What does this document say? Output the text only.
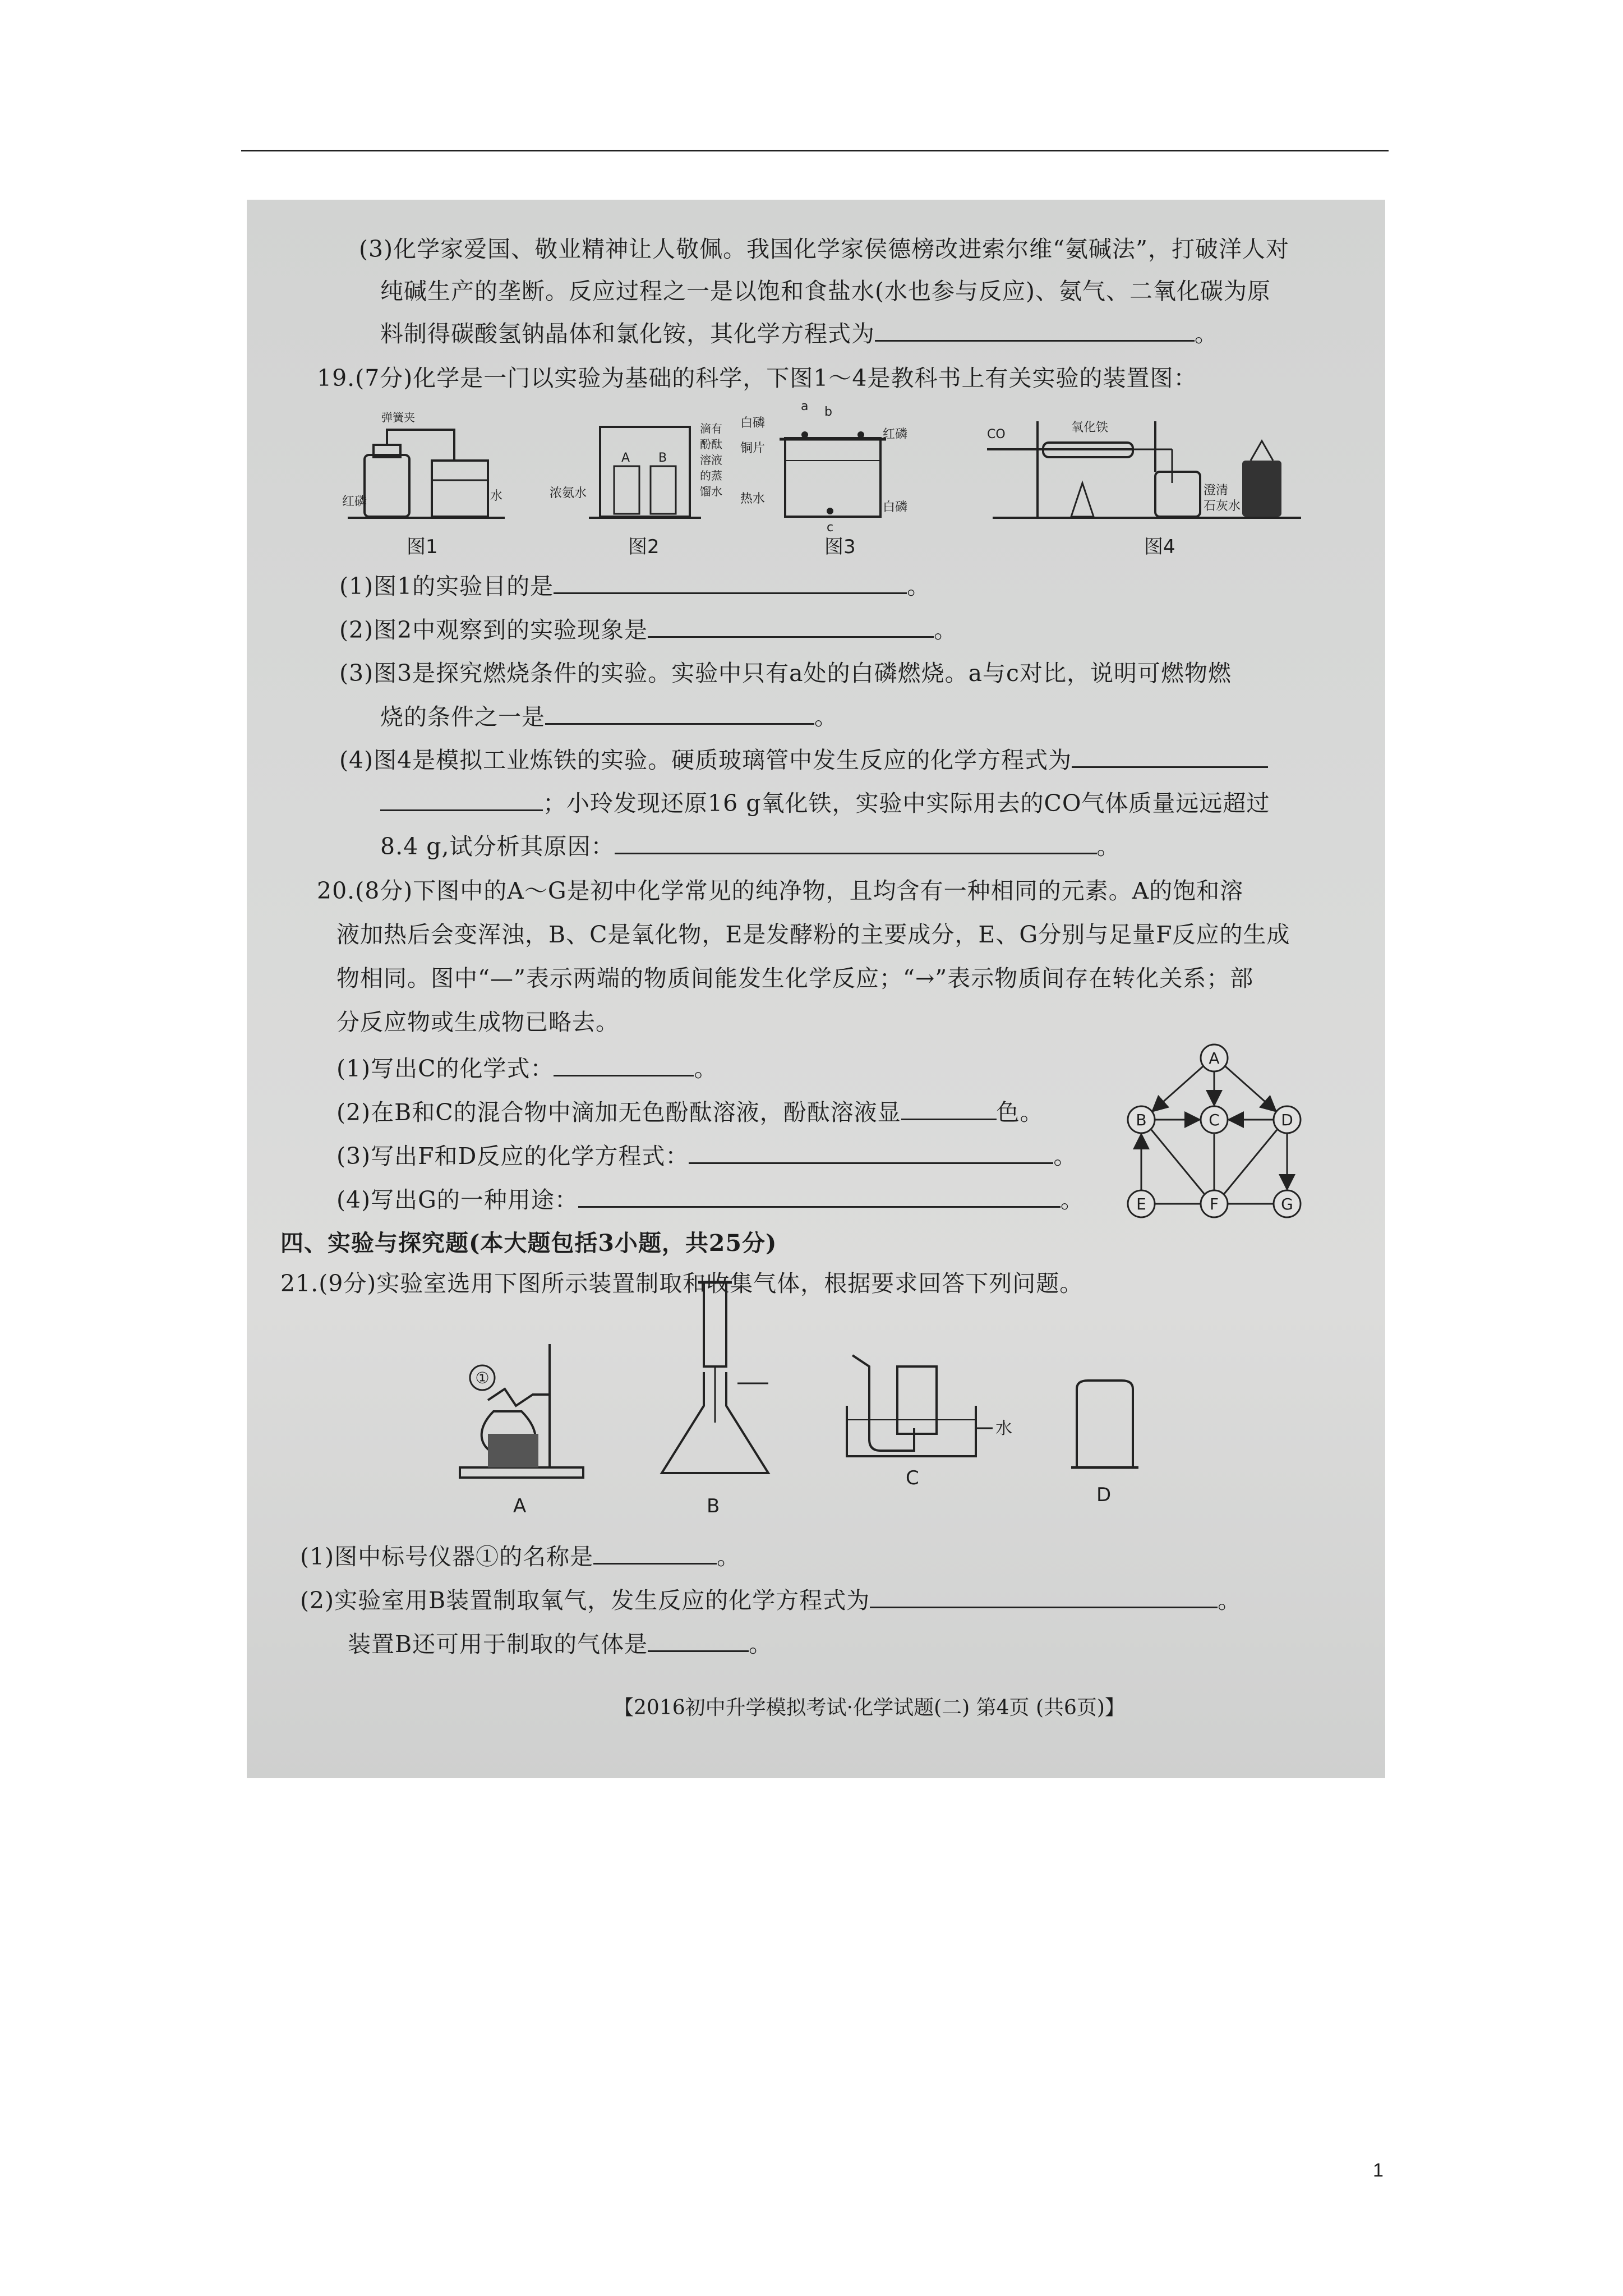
(3)化学家爱国、敬业精神让人敬佩。我国化学家侯德榜改进索尔维“氨碱法”，打破洋人对
纯碱生产的垄断。反应过程之一是以饱和食盐水(水也参与反应)、氨气、二氧化碳为原
料制得碳酸氢钠晶体和氯化铵，其化学方程式为	。
19.(7分)化学是一门以实验为基础的科学，下图1～4是教科书上有关实验的装置图：
弹簧夹
红磷	水
图1
A B
浓氨水
滴有
酚酞
溶液
的蒸
馏水
图2
a b
白磷
铜片
红磷
热水
白磷
c
图3
CO	氧化铁
澄清
石灰水
图4
(1)图1的实验目的是	。
(2)图2中观察到的实验现象是	。
(3)图3是探究燃烧条件的实验。实验中只有a处的白磷燃烧。a与c对比，说明可燃物燃
烧的条件之一是	。
(4)图4是模拟工业炼铁的实验。硬质玻璃管中发生反应的化学方程式为
；小玲发现还原16 g氧化铁，实验中实际用去的CO气体质量远远超过
8.4 g,试分析其原因：	。
20.(8分)下图中的A～G是初中化学常见的纯净物，且均含有一种相同的元素。A的饱和溶
液加热后会变浑浊，B、C是氧化物，E是发酵粉的主要成分，E、G分别与足量F反应的生成
物相同。图中“—”表示两端的物质间能发生化学反应；“→”表示物质间存在转化关系；部
分反应物或生成物已略去。
(1)写出C的化学式：	。
(2)在B和C的混合物中滴加无色酚酞溶液，酚酞溶液显	色。
(3)写出F和D反应的化学方程式：	。
(4)写出G的一种用途：	。
A
B	C	D
E	F	G
四、实验与探究题(本大题包括3小题，共25分)
21.(9分)实验室选用下图所示装置制取和收集气体，根据要求回答下列问题。
①
A	B
水
C
D
(1)图中标号仪器①的名称是	。
(2)实验室用B装置制取氧气，发生反应的化学方程式为	。
装置B还可用于制取的气体是	。
【2016初中升学模拟考试·化学试题(二) 第4页 (共6页)】
1
